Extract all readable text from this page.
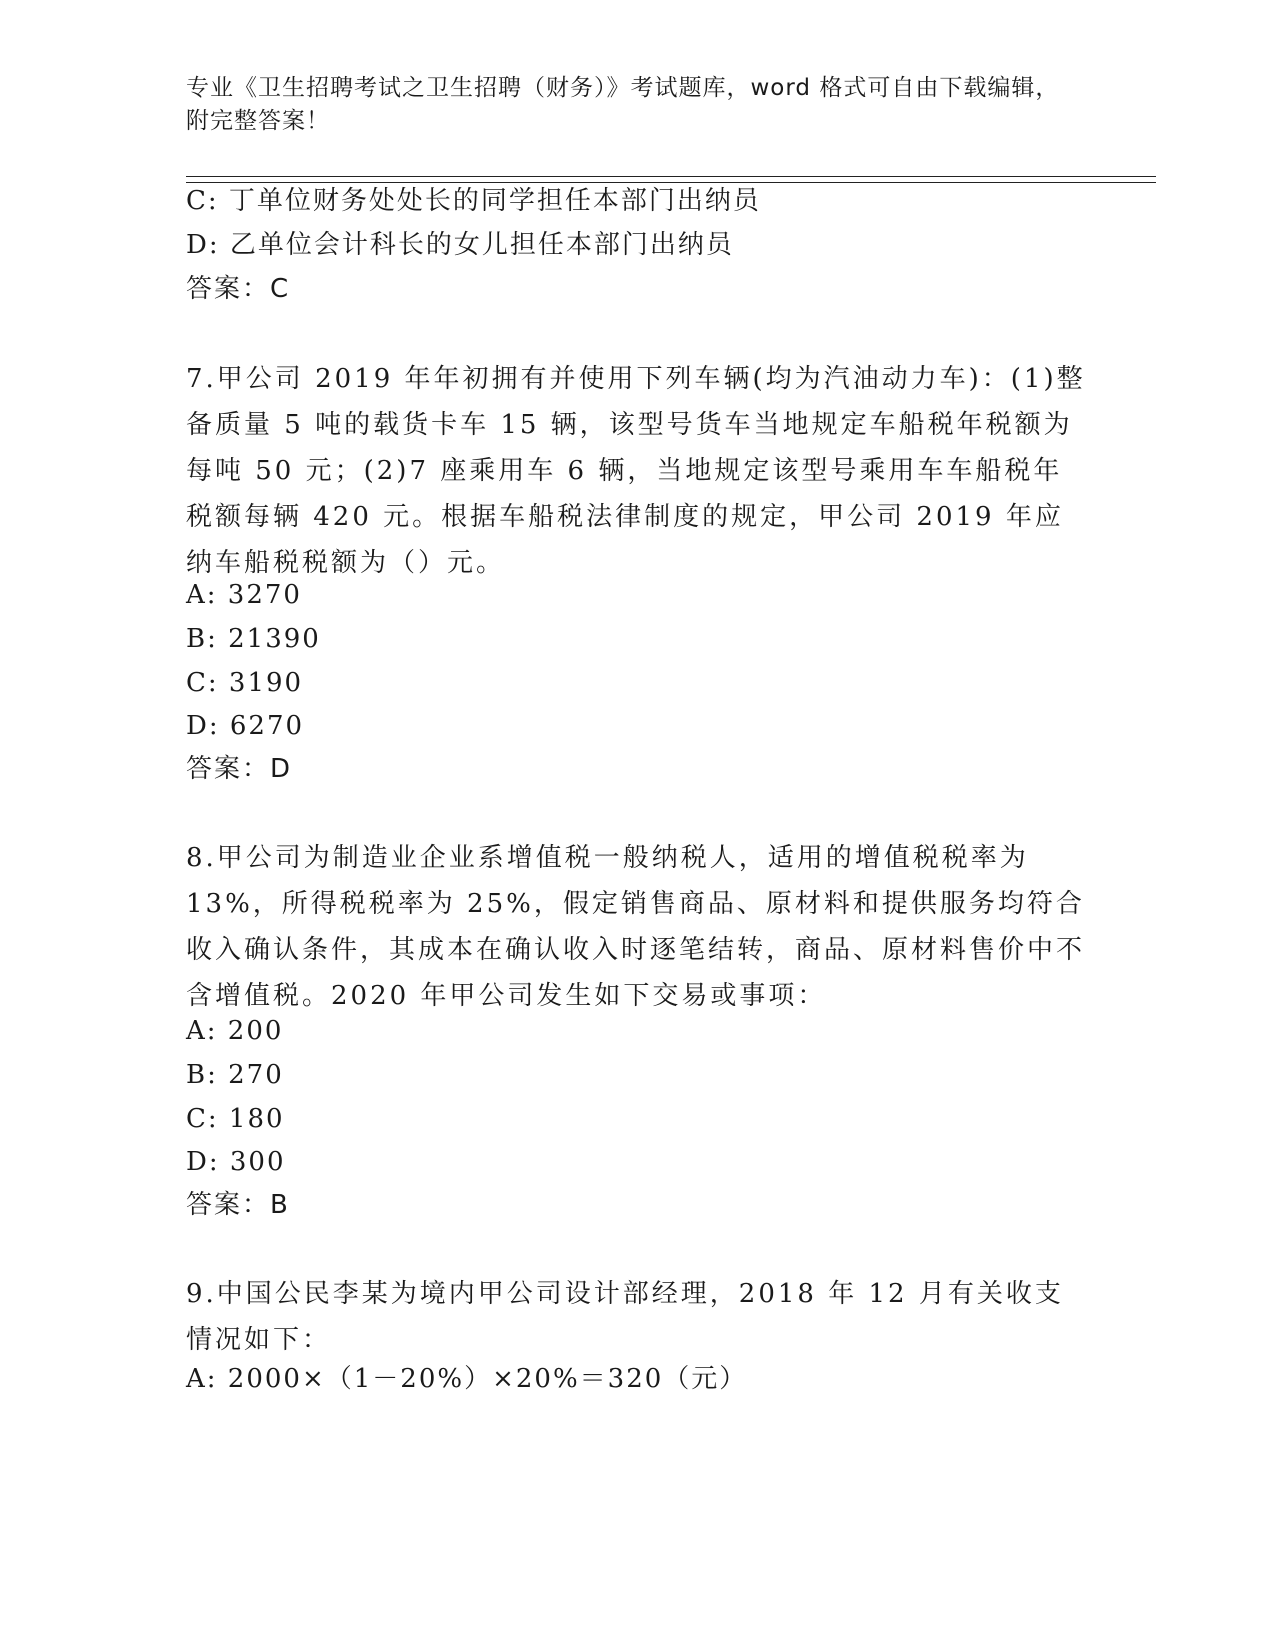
专业《卫生招聘考试之卫生招聘（财务）》考试题库，word 格式可自由下载编辑，附完整答案！
C: 丁单位财务处处长的同学担任本部门出纳员
D: 乙单位会计科长的女儿担任本部门出纳员
答案：C
7.甲公司 2019 年年初拥有并使用下列车辆(均为汽油动力车)：(1)整备质量 5 吨的载货卡车 15 辆，该型号货车当地规定车船税年税额为每吨 50 元；(2)7 座乘用车 6 辆，当地规定该型号乘用车车船税年税额每辆 420 元。根据车船税法律制度的规定，甲公司 2019 年应纳车船税税额为（）元。
A: 3270
B: 21390
C: 3190
D: 6270
答案：D
8.甲公司为制造业企业系增值税一般纳税人，适用的增值税税率为 13%，所得税税率为 25%，假定销售商品、原材料和提供服务均符合收入确认条件，其成本在确认收入时逐笔结转，商品、原材料售价中不含增值税。2020 年甲公司发生如下交易或事项：
A: 200
B: 270
C: 180
D: 300
答案：B
9.中国公民李某为境内甲公司设计部经理，2018 年 12 月有关收支情况如下：
A: 2000×（1－20%）×20%＝320（元）
